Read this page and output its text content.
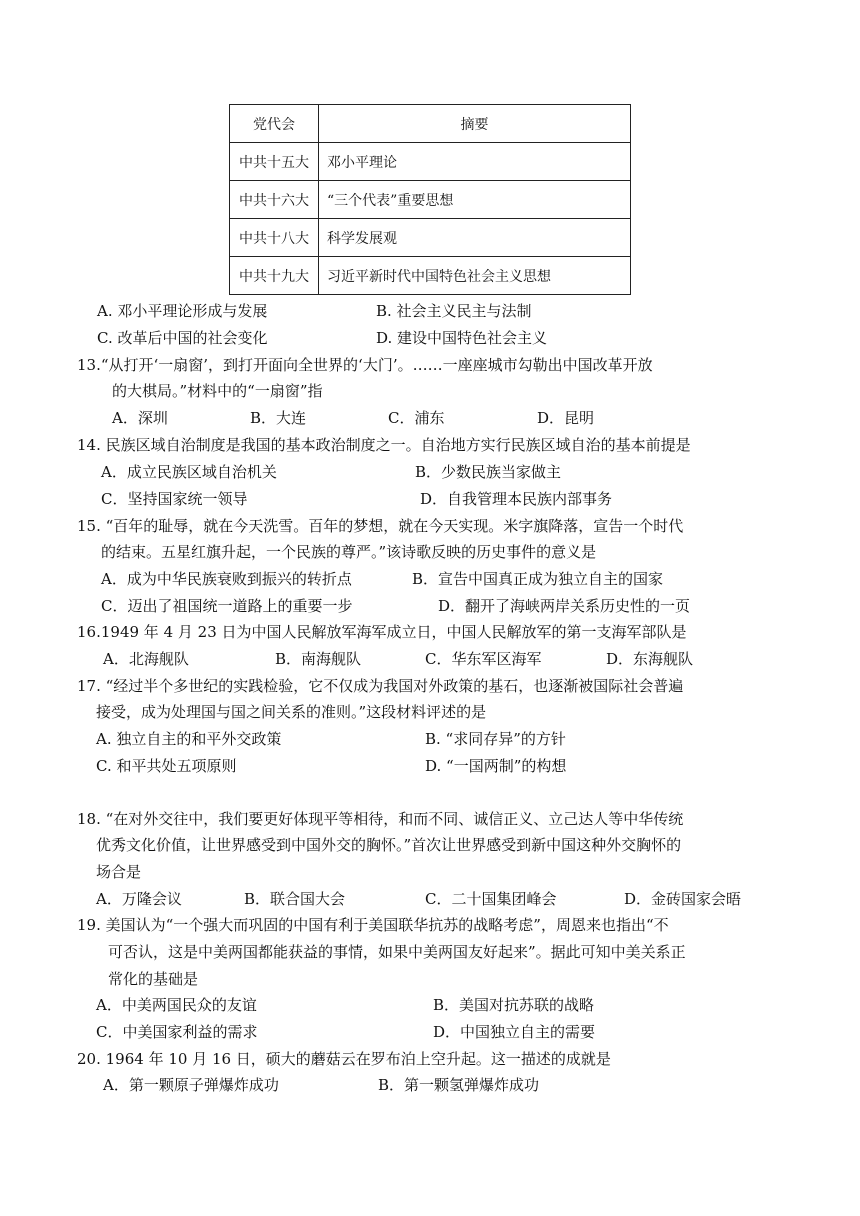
党代会	摘要
中共十五大	邓小平理论
中共十六大	“三个代表”重要思想
中共十八大	科学发展观
中共十九大	习近平新时代中国特色社会主义思想
A. 邓小平理论形成与发展	B. 社会主义民主与法制
C. 改革后中国的社会变化	D. 建设中国特色社会主义
13.“从打开‘一扇窗’，到打开面向全世界的‘大门’。……一座座城市勾勒出中国改革开放
的大棋局。”材料中的“一扇窗”指
A．深圳	B．大连	C．浦东	D．昆明
14. 民族区域自治制度是我国的基本政治制度之一。自治地方实行民族区域自治的基本前提是
A．成立民族区域自治机关	B．少数民族当家做主
C．坚持国家统一领导	D．自我管理本民族内部事务
15. “百年的耻辱，就在今天洗雪。百年的梦想，就在今天实现。米字旗降落，宣告一个时代
的结束。五星红旗升起，一个民族的尊严。”该诗歌反映的历史事件的意义是
A．成为中华民族衰败到振兴的转折点	B．宣告中国真正成为独立自主的国家
C．迈出了祖国统一道路上的重要一步	D．翻开了海峡两岸关系历史性的一页
16.1949 年 4 月 23 日为中国人民解放军海军成立日，中国人民解放军的第一支海军部队是
A．北海舰队	B．南海舰队	C．华东军区海军	D．东海舰队
17. “经过半个多世纪的实践检验，它不仅成为我国对外政策的基石，也逐渐被国际社会普遍
接受，成为处理国与国之间关系的准则。”这段材料评述的是
A. 独立自主的和平外交政策	B. “求同存异”的方针
C. 和平共处五项原则	D. “一国两制”的构想
18. “在对外交往中，我们要更好体现平等相待，和而不同、诚信正义、立己达人等中华传统
优秀文化价值，让世界感受到中国外交的胸怀。”首次让世界感受到新中国这种外交胸怀的
场合是
A．万隆会议	B．联合国大会	C．二十国集团峰会	D．金砖国家会晤
19. 美国认为“一个强大而巩固的中国有利于美国联华抗苏的战略考虑”，周恩来也指出“不
可否认，这是中美两国都能获益的事情，如果中美两国友好起来”。据此可知中美关系正
常化的基础是
A．中美两国民众的友谊	B．美国对抗苏联的战略
C．中美国家利益的需求	D．中国独立自主的需要
20. 1964 年 10 月 16 日，硕大的蘑菇云在罗布泊上空升起。这一描述的成就是
A．第一颗原子弹爆炸成功	B．第一颗氢弹爆炸成功
